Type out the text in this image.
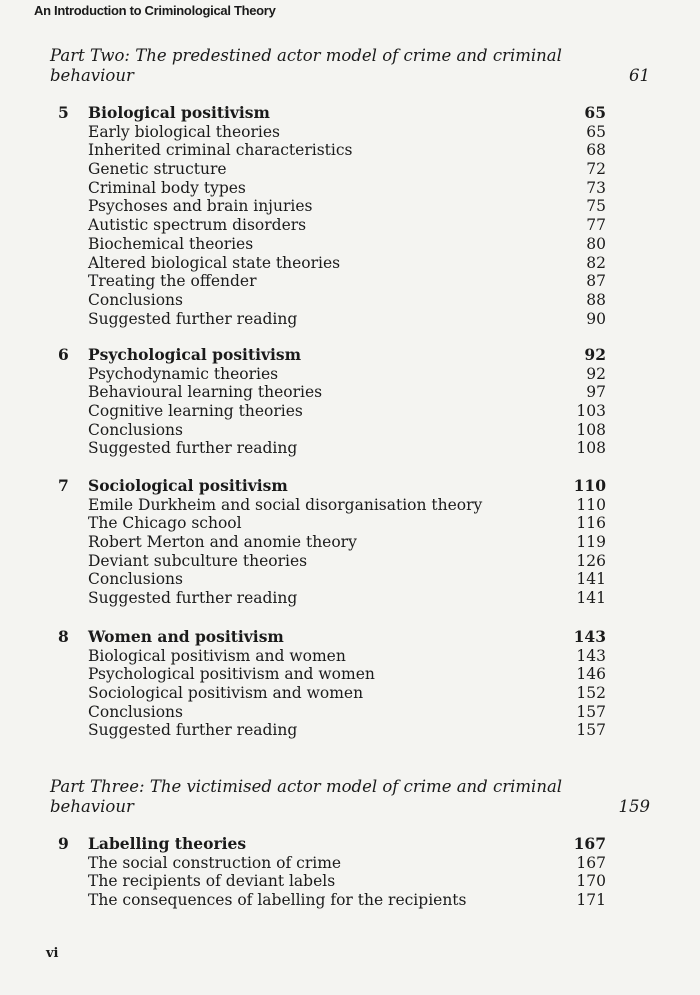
An Introduction to Criminological Theory
Part Two: The predestined actor model of crime and criminal
behaviour	61
5	Biological positivism	65
Early biological theories	65
Inherited criminal characteristics	68
Genetic structure	72
Criminal body types	73
Psychoses and brain injuries	75
Autistic spectrum disorders	77
Biochemical theories	80
Altered biological state theories	82
Treating the offender	87
Conclusions	88
Suggested further reading	90
6	Psychological positivism	92
Psychodynamic theories	92
Behavioural learning theories	97
Cognitive learning theories	103
Conclusions	108
Suggested further reading	108
7	Sociological positivism	110
Emile Durkheim and social disorganisation theory	110
The Chicago school	116
Robert Merton and anomie theory	119
Deviant subculture theories	126
Conclusions	141
Suggested further reading	141
8	Women and positivism	143
Biological positivism and women	143
Psychological positivism and women	146
Sociological positivism and women	152
Conclusions	157
Suggested further reading	157
Part Three: The victimised actor model of crime and criminal
behaviour	159
9	Labelling theories	167
The social construction of crime	167
The recipients of deviant labels	170
The consequences of labelling for the recipients	171
vi
